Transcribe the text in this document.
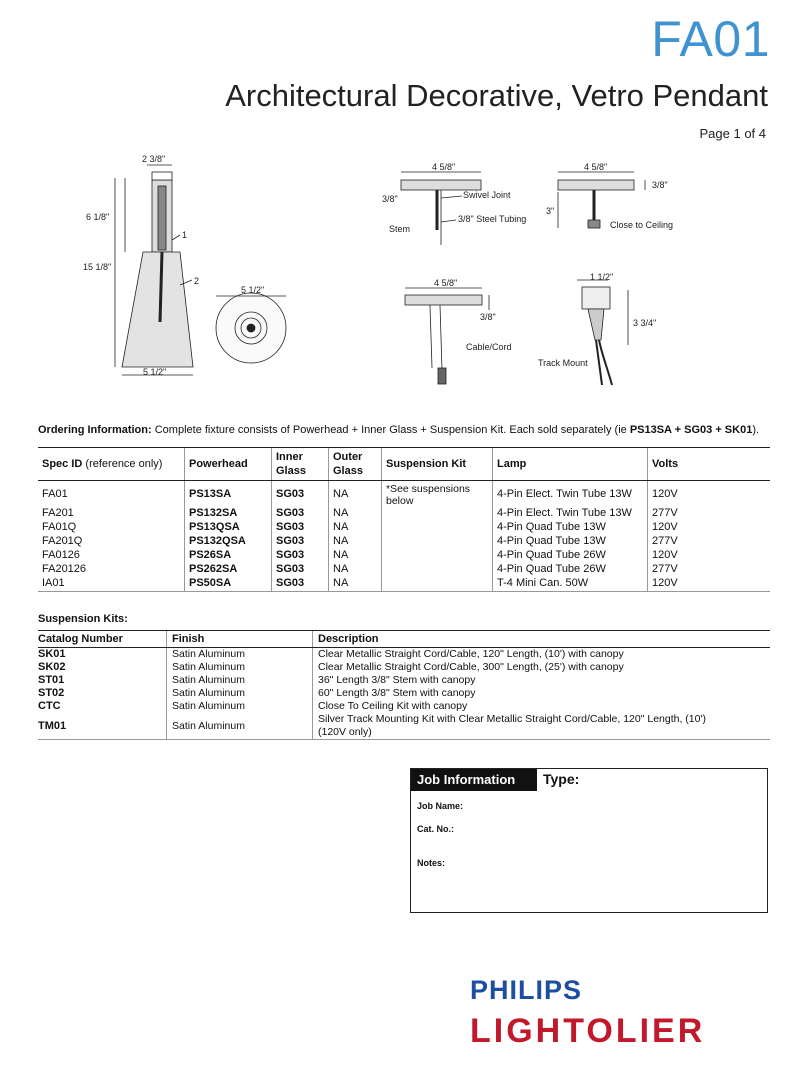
FA01
Architectural Decorative, Vetro Pendant
Page 1 of 4
2 3/8"
6 1/8"
15 1/8"
5 1/2"
1
2
5 1/2"
4 5/8"
3/8"	Swivel Joint
3/8" Steel Tubing
Stem
4 5/8"
3/8"
3"
Close to Ceiling
4 5/8"
3/8"
Cable/Cord
1 1/2"
3 3/4"
Track Mount
Ordering Information: Complete fixture consists of Powerhead + Inner Glass + Suspension Kit. Each sold separately (ie PS13SA + SG03 + SK01).
Spec ID (reference only)	Powerhead	Inner Glass	Outer Glass	Suspension Kit	Lamp	Volts
FA01	PS13SA	SG03	NA	*See suspensions below	4-Pin Elect. Twin Tube 13W	120V
FA201	PS132SA	SG03	NA		4-Pin Elect. Twin Tube 13W	277V
FA01Q	PS13QSA	SG03	NA		4-Pin Quad Tube 13W	120V
FA201Q	PS132QSA	SG03	NA		4-Pin Quad Tube 13W	277V
FA0126	PS26SA	SG03	NA		4-Pin Quad Tube 26W	120V
FA20126	PS262SA	SG03	NA		4-Pin Quad Tube 26W	277V
IA01	PS50SA	SG03	NA		T-4 Mini Can. 50W	120V
Suspension Kits:
Catalog Number	Finish	Description
SK01	Satin Aluminum	Clear Metallic Straight Cord/Cable, 120" Length, (10') with canopy
SK02	Satin Aluminum	Clear Metallic Straight Cord/Cable, 300" Length, (25') with canopy
ST01	Satin Aluminum	36" Length 3/8" Stem with canopy
ST02	Satin Aluminum	60" Length 3/8" Stem with canopy
CTC	Satin Aluminum	Close To Ceiling Kit with canopy
TM01	Satin Aluminum	Silver Track Mounting Kit with Clear Metallic Straight Cord/Cable, 120" Length, (10') (120V only)
Job Information	Type:
Job Name:
Cat. No.:
Notes:
PHILIPS
LIGHTOLIER
